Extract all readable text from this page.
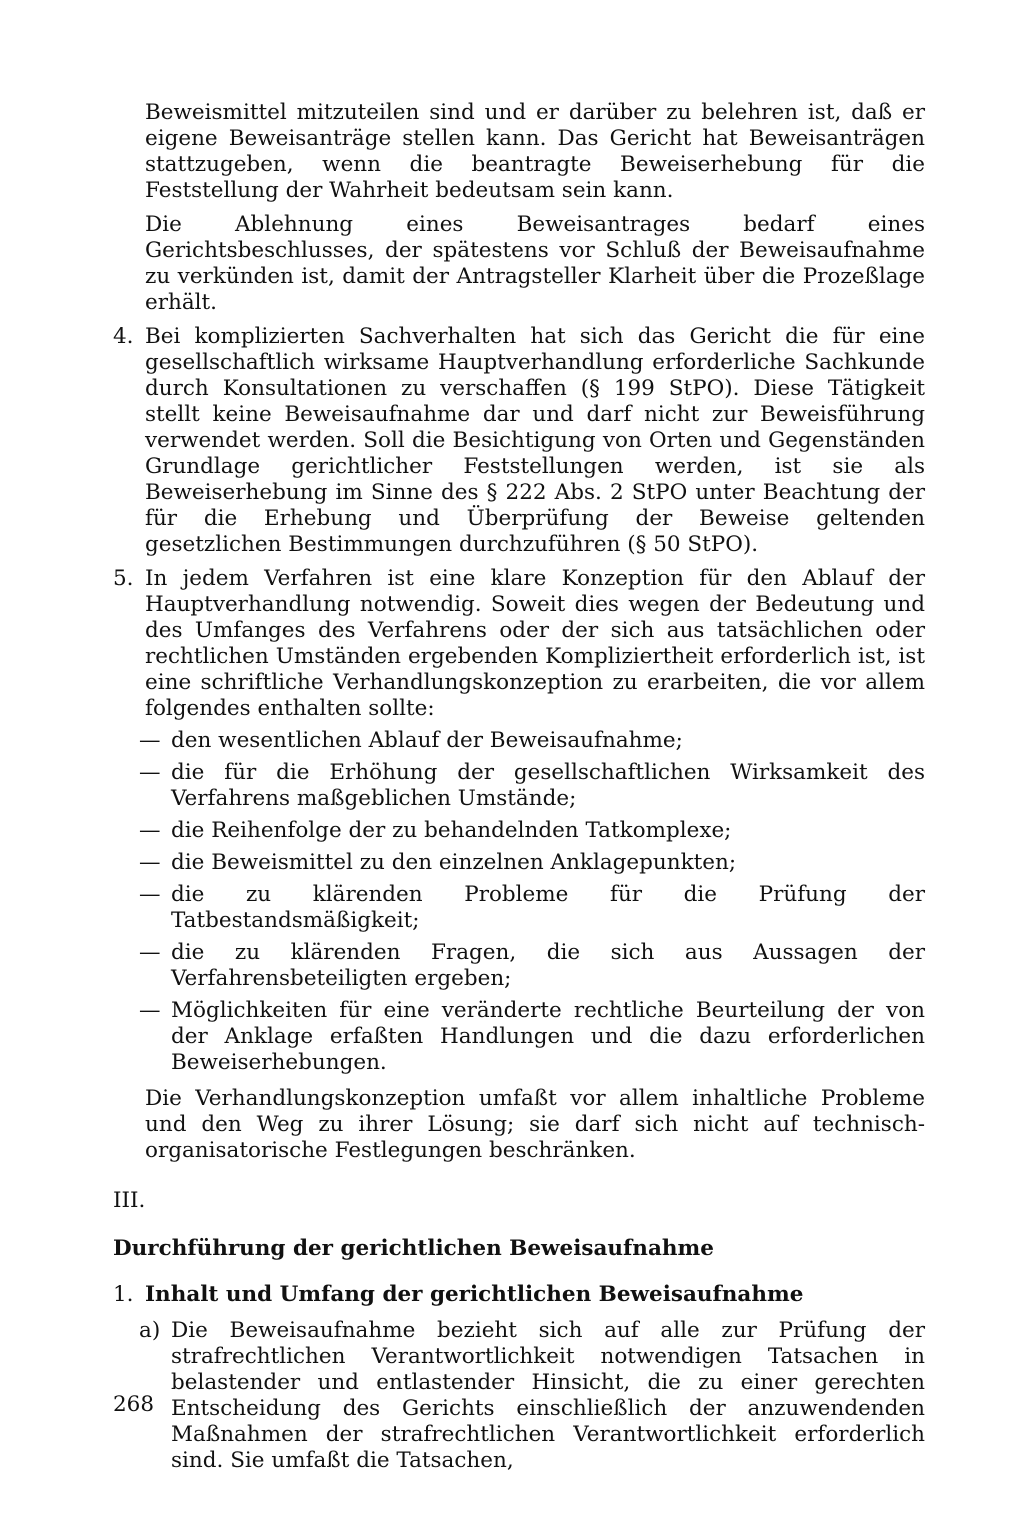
Beweismittel mitzuteilen sind und er darüber zu belehren ist, daß er eigene Beweisanträge stellen kann. Das Gericht hat Beweisanträgen stattzugeben, wenn die beantragte Beweiserhebung für die Feststellung der Wahrheit bedeutsam sein kann.

Die Ablehnung eines Beweisantrages bedarf eines Gerichtsbeschlusses, der spätestens vor Schluß der Beweisaufnahme zu verkünden ist, damit der Antragsteller Klarheit über die Prozeßlage erhält.

4. Bei komplizierten Sachverhalten hat sich das Gericht die für eine gesellschaftlich wirksame Hauptverhandlung erforderliche Sachkunde durch Konsultationen zu verschaffen (§ 199 StPO). Diese Tätigkeit stellt keine Beweisaufnahme dar und darf nicht zur Beweisführung verwendet werden. Soll die Besichtigung von Orten und Gegenständen Grundlage gerichtlicher Feststellungen werden, ist sie als Beweiserhebung im Sinne des § 222 Abs. 2 StPO unter Beachtung der für die Erhebung und Überprüfung der Beweise geltenden gesetzlichen Bestimmungen durchzuführen (§ 50 StPO).
5. In jedem Verfahren ist eine klare Konzeption für den Ablauf der Hauptverhandlung notwendig. Soweit dies wegen der Bedeutung und des Umfanges des Verfahrens oder der sich aus tatsächlichen oder rechtlichen Umständen ergebenden Kompliziertheit erforderlich ist, ist eine schriftliche Verhandlungskonzeption zu erarbeiten, die vor allem folgendes enthalten sollte:
— den wesentlichen Ablauf der Beweisaufnahme;
— die für die Erhöhung der gesellschaftlichen Wirksamkeit des Verfahrens maßgeblichen Umstände;
— die Reihenfolge der zu behandelnden Tatkomplexe;
— die Beweismittel zu den einzelnen Anklagepunkten;
— die zu klärenden Probleme für die Prüfung der Tatbestandsmäßigkeit;
— die zu klärenden Fragen, die sich aus Aussagen der Verfahrensbeteiligten ergeben;
— Möglichkeiten für eine veränderte rechtliche Beurteilung der von der Anklage erfaßten Handlungen und die dazu erforderlichen Beweiserhebungen.

Die Verhandlungskonzeption umfaßt vor allem inhaltliche Probleme und den Weg zu ihrer Lösung; sie darf sich nicht auf technisch-organisatorische Festlegungen beschränken.

III.

Durchführung der gerichtlichen Beweisaufnahme

1. Inhalt und Umfang der gerichtlichen Beweisaufnahme
a) Die Beweisaufnahme bezieht sich auf alle zur Prüfung der strafrechtlichen Verantwortlichkeit notwendigen Tatsachen in belastender und entlastender Hinsicht, die zu einer gerechten Entscheidung des Gerichts einschließlich der anzuwendenden Maßnahmen der strafrechtlichen Verantwortlichkeit erforderlich sind. Sie umfaßt die Tatsachen,
268
